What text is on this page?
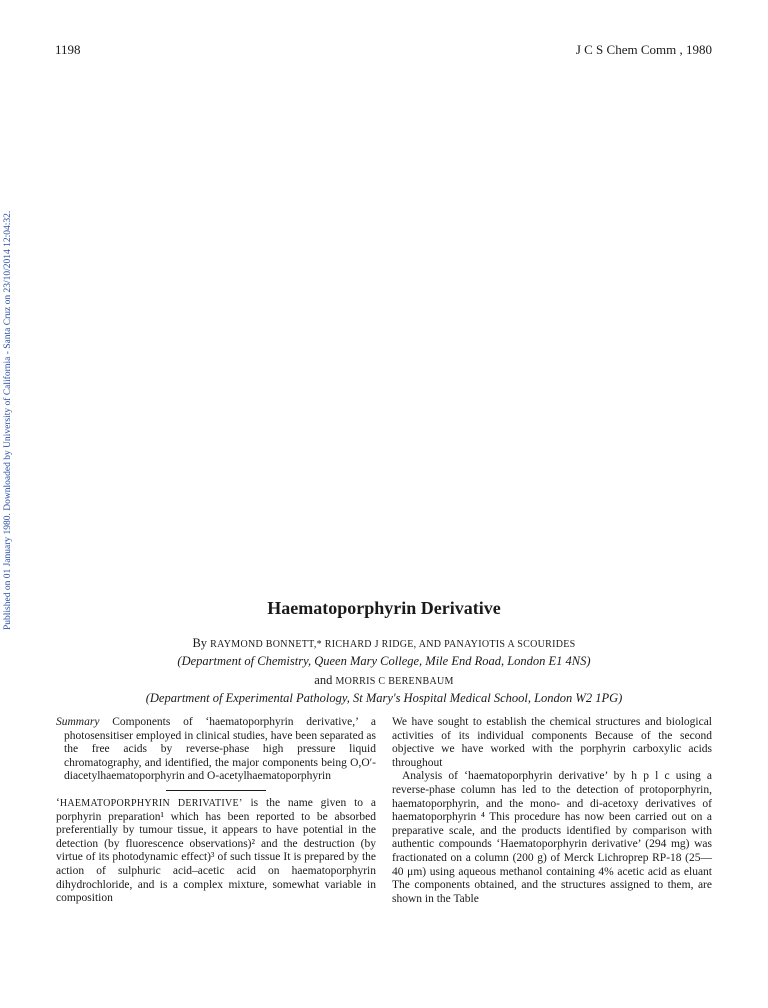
1198	J C S Chem Comm , 1980
Published on 01 January 1980. Downloaded by University of California - Santa Cruz on 23/10/2014 12:04:32.	Haematoporphyrin Derivative
By RAYMOND BONNETT,* RICHARD J RIDGE, AND PANAYIOTIS A SCOURIDES
(Department of Chemistry, Queen Mary College, Mile End Road, London E1 4NS)
and MORRIS C BERENBAUM
(Department of Experimental Pathology, St Mary's Hospital Medical School, London W2 1PG)

Summary Components of ‘haematoporphyrin derivative,’ a photosensitiser employed in clinical studies, have been separated as the free acids by reverse-phase high pressure liquid chromatography, and identified, the major components being O,O′-diacetylhaematoporphyrin and O-acetylhaematoporphyrin

‘HAEMATOPORPHYRIN DERIVATIVE’ is the name given to a porphyrin preparation¹ which has been reported to be absorbed preferentially by tumour tissue, it appears to have potential in the detection (by fluorescence observations)² and the destruction (by virtue of its photodynamic effect)³ of such tissue It is prepared by the action of sulphuric acid–acetic acid on haematoporphyrin dihydrochloride, and is a complex mixture, somewhat variable in composition

We have sought to establish the chemical structures and biological activities of its individual components Because of the second objective we have worked with the porphyrin carboxylic acids throughout

Analysis of ‘haematoporphyrin derivative’ by h p l c using a reverse-phase column has led to the detection of protoporphyrin, haematoporphyrin, and the mono- and di-acetoxy derivatives of haematoporphyrin ⁴ This procedure has now been carried out on a preparative scale, and the products identified by comparison with authentic compounds ‘Haematoporphyrin derivative’ (294 mg) was fractionated on a column (200 g) of Merck Lichroprep RP-18 (25—40 μm) using aqueous methanol containing 4% acetic acid as eluant The components obtained, and the structures assigned to them, are shown in the Table
